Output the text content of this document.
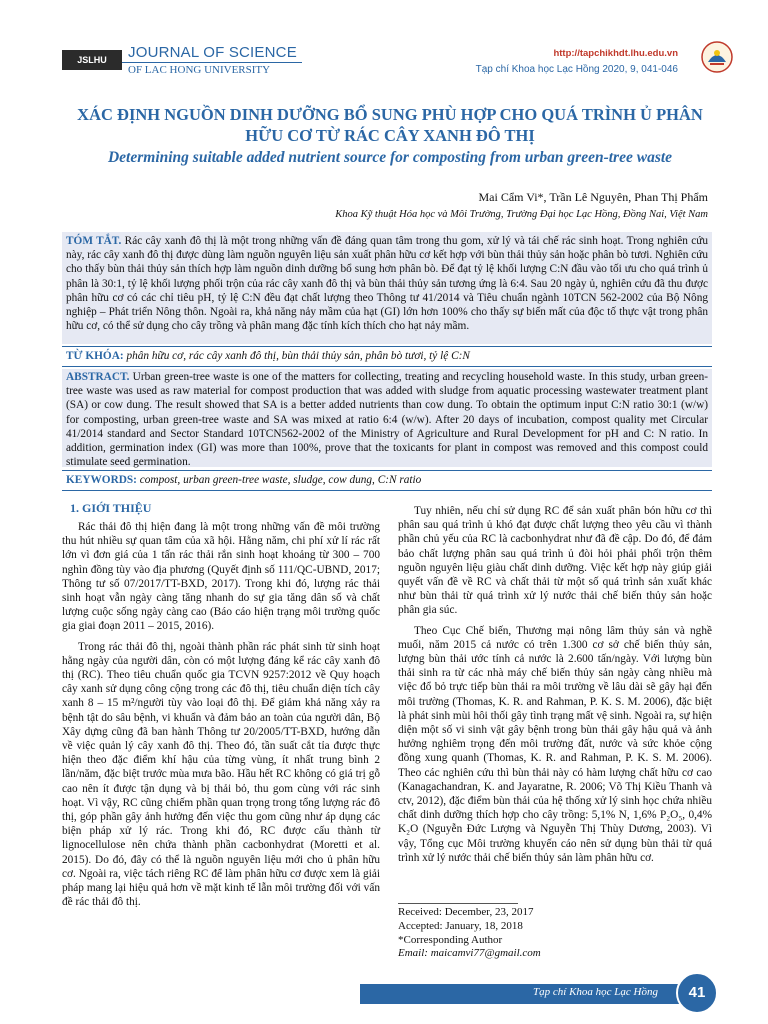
JSLHU	JOURNAL OF SCIENCE
OF LAC HONG UNIVERSITY
http://tapchikhdt.lhu.edu.vn
Tạp chí Khoa học Lạc Hồng 2020, 9, 041-046
XÁC ĐỊNH NGUỒN DINH DƯỠNG BỔ SUNG PHÙ HỢP CHO QUÁ TRÌNH Ủ PHÂN HỮU CƠ TỪ RÁC CÂY XANH ĐÔ THỊ
Determining suitable added nutrient source for composting from urban green-tree waste
Mai Cẩm Vi*, Trần Lê Nguyên, Phan Thị Phẩm
Khoa Kỹ thuật Hóa học và Môi Trường, Trường Đại học Lạc Hồng, Đồng Nai, Việt Nam
TÓM TẮT. Rác cây xanh đô thị là một trong những vấn đề đáng quan tâm trong thu gom, xử lý và tái chế rác sinh hoạt. Trong nghiên cứu này, rác cây xanh đô thị được dùng làm nguồn nguyên liệu sản xuất phân hữu cơ kết hợp với bùn thải thủy sản hoặc phân bò tươi. Nghiên cứu cho thấy bùn thải thủy sản thích hợp làm nguồn dinh dưỡng bổ sung hơn phân bò. Để đạt tỷ lệ khối lượng C:N đầu vào tối ưu cho quá trình ủ phân là 30:1, tỷ lệ khối lượng phối trộn của rác cây xanh đô thị và bùn thải thủy sản tương ứng là 6:4. Sau 20 ngày ủ, nghiên cứu đã thu được phân hữu cơ có các chỉ tiêu pH, tỷ lệ C:N đều đạt chất lượng theo Thông tư 41/2014 và Tiêu chuẩn ngành 10TCN 562-2002 của Bộ Nông nghiệp – Phát triển Nông thôn. Ngoài ra, khả năng nảy mầm của hạt (GI) lớn hơn 100% cho thấy sự biến mất của độc tố thực vật trong phân hữu cơ, có thể sử dụng cho cây trồng và phân mang đặc tính kích thích cho hạt nảy mầm.
TỪ KHÓA: phân hữu cơ, rác cây xanh đô thị, bùn thải thủy sản, phân bò tươi, tỷ lệ C:N
ABSTRACT. Urban green-tree waste is one of the matters for collecting, treating and recycling household waste. In this study, urban green-tree waste was used as raw material for compost production that was added with sludge from aquatic processing wastewater treatment plant (SA) or cow dung. The result showed that SA is a better added nutrients than cow dung. To obtain the optimum input C:N ratio 30:1 (w/w) for composting, urban green-tree waste and SA was mixed at ratio 6:4 (w/w). After 20 days of incubation, compost quality met Circular 41/2014 standard and Sector Standard 10TCN562-2002 of the Ministry of Agriculture and Rural Development for pH and C: N ratio. In addition, germination index (GI) was more than 100%, prove that the toxicants for plant in compost was removed and this compost could stimulate seed germination.
KEYWORDS: compost, urban green-tree waste, sludge, cow dung, C:N ratio
1. GIỚI THIỆU

Rác thải đô thị hiện đang là một trong những vấn đề môi trường thu hút nhiều sự quan tâm của xã hội. Hằng năm, chi phí xử lí rác rất lớn vì đơn giá của 1 tấn rác thải rắn sinh hoạt khoảng từ 300 – 700 nghìn đồng tùy vào địa phương (Quyết định số 111/QC-UBND, 2017; Thông tư số 07/2017/TT-BXD, 2017). Trong khi đó, lượng rác thải sinh hoạt vẫn ngày càng tăng nhanh do sự gia tăng dân số và chất lượng cuộc sống ngày càng cao (Báo cáo hiện trạng môi trường quốc gia giai đoạn 2011 – 2015, 2016).

Trong rác thải đô thị, ngoài thành phần rác phát sinh từ sinh hoạt hằng ngày của người dân, còn có một lượng đáng kể rác cây xanh đô thị (RC). Theo tiêu chuẩn quốc gia TCVN 9257:2012 về Quy hoạch cây xanh sử dụng công cộng trong các đô thị, tiêu chuẩn diện tích cây xanh 8 – 15 m²/người tùy vào loại đô thị. Để giảm khả năng xảy ra bệnh tật do sâu bệnh, vi khuẩn và đảm bảo an toàn của người dân, Bộ Xây dựng cũng đã ban hành Thông tư 20/2005/TT-BXD, hướng dẫn về việc quản lý cây xanh đô thị. Theo đó, tần suất cắt tỉa được thực hiện theo đặc điểm khí hậu của từng vùng, ít nhất trung bình 2 lần/năm, đặc biệt trước mùa mưa bão. Hầu hết RC không có giá trị gỗ cao nên ít được tận dụng và bị thải bỏ, thu gom cùng với rác sinh hoạt. Vì vậy, RC cũng chiếm phần quan trọng trong tổng lượng rác đô thị, góp phần gây ảnh hưởng đến việc thu gom cũng như áp dụng các biện pháp xử lý rác. Trong khi đó, RC được cấu thành từ lignocellulose nên chứa thành phần cacbonhydrat (Moretti et al. 2015). Do đó, đây có thể là nguồn nguyên liệu mới cho ủ phân hữu cơ. Ngoài ra, việc tách riêng RC để làm phân hữu cơ được xem là giải pháp mang lại hiệu quả hơn về mặt kinh tế lẫn môi trường đối với vấn đề rác thải đô thị.

Tuy nhiên, nếu chỉ sử dụng RC để sản xuất phân bón hữu cơ thì phân sau quá trình ủ khó đạt được chất lượng theo yêu cầu vì thành phần chủ yếu của RC là cacbonhydrat như đã đề cập. Do đó, để đảm bảo chất lượng phân sau quá trình ủ đòi hỏi phải phối trộn thêm nguồn nguyên liệu giàu chất dinh dưỡng. Việc kết hợp này giúp giải quyết vấn đề về RC và chất thải từ một số quá trình sản xuất khác như bùn thải từ quá trình xử lý nước thải chế biến thủy sản hoặc phân gia súc.

Theo Cục Chế biến, Thương mại nông lâm thủy sản và nghề muối, năm 2015 cả nước có trên 1.300 cơ sở chế biến thủy sản, lượng bùn thải ước tính cả nước là 2.600 tấn/ngày. Với lượng bùn thải sinh ra từ các nhà máy chế biến thủy sản ngày càng nhiều mà việc đổ bỏ trực tiếp bùn thải ra môi trường về lâu dài sẽ gây hại đến môi trường (Thomas, K. R. and Rahman, P. K. S. M. 2006), đặc biệt là phát sinh mùi hôi thối gây tình trạng mất vệ sinh. Ngoài ra, sự hiện diện một số vi sinh vật gây bệnh trong bùn thải gây hậu quả và ảnh hưởng nghiêm trọng đến môi trường đất, nước và sức khỏe cộng đồng xung quanh (Thomas, K. R. and Rahman, P. K. S. M. 2006). Theo các nghiên cứu thì bùn thải này có hàm lượng chất hữu cơ cao (Kanagachandran, K. and Jayaratne, R. 2006; Võ Thị Kiều Thanh và ctv, 2012), đặc điểm bùn thải của hệ thống xử lý sinh học chứa nhiều chất dinh dưỡng thích hợp cho cây trồng: 5,1% N, 1,6% P₂O₅, 0,4% K₂O (Nguyễn Đức Lượng và Nguyễn Thị Thùy Dương, 2003). Vì vậy, Tổng cục Môi trường khuyến cáo nên sử dụng bùn thải từ quá trình xử lý nước thải chế biến thủy sản làm phân hữu cơ.

Received: December, 23, 2017
Accepted: January, 18, 2018
*Corresponding Author
Email: maicamvi77@gmail.com
Tạp chí Khoa học Lạc Hồng	41
